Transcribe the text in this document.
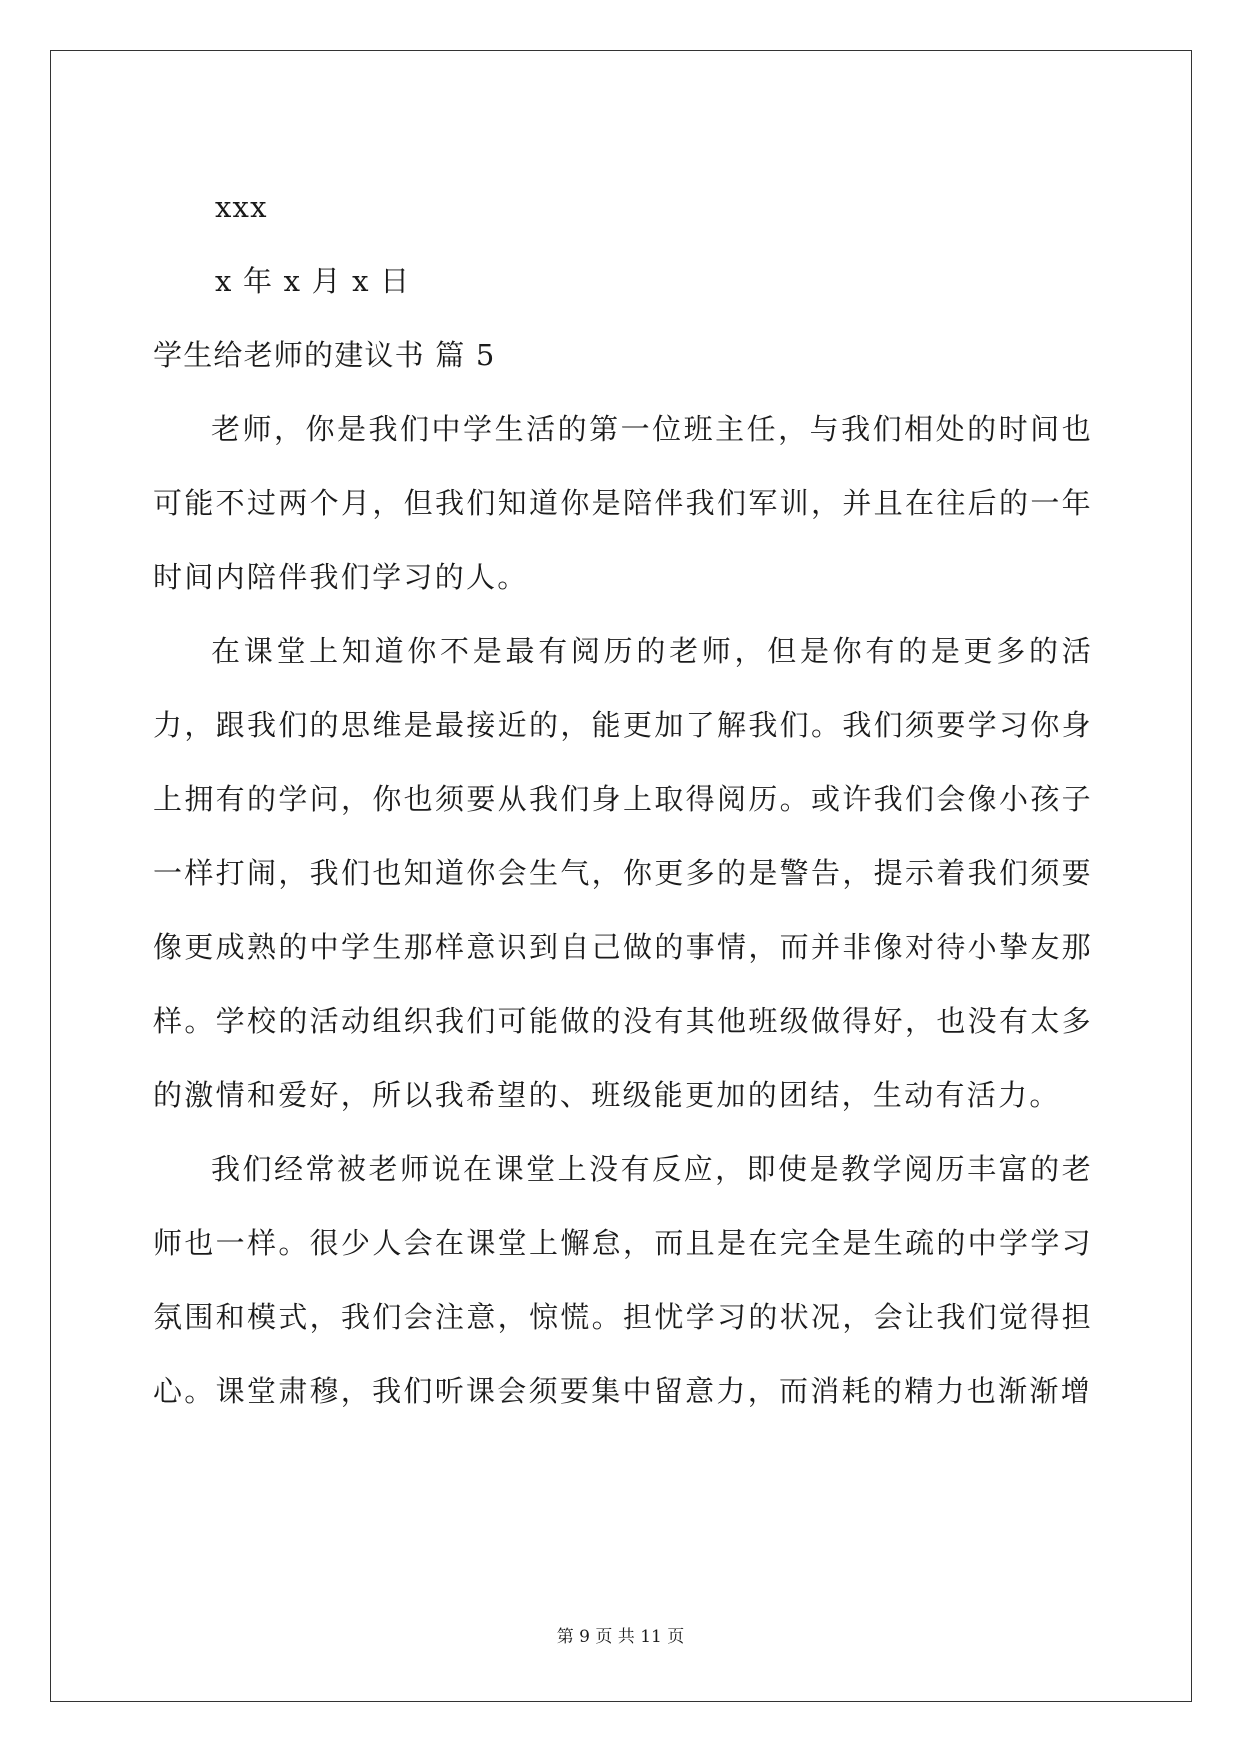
xxx
x 年 x 月 x 日
学生给老师的建议书 篇 5

老师，你是我们中学生活的第一位班主任，与我们相处的时间也可能不过两个月，但我们知道你是陪伴我们军训，并且在往后的一年时间内陪伴我们学习的人。

在课堂上知道你不是最有阅历的老师，但是你有的是更多的活力，跟我们的思维是最接近的，能更加了解我们。我们须要学习你身上拥有的学问，你也须要从我们身上取得阅历。或许我们会像小孩子一样打闹，我们也知道你会生气，你更多的是警告，提示着我们须要像更成熟的中学生那样意识到自己做的事情，而并非像对待小挚友那样。学校的活动组织我们可能做的没有其他班级做得好，也没有太多的激情和爱好，所以我希望的、班级能更加的团结，生动有活力。

我们经常被老师说在课堂上没有反应，即使是教学阅历丰富的老师也一样。很少人会在课堂上懈怠，而且是在完全是生疏的中学学习氛围和模式，我们会注意，惊慌。担忧学习的状况，会让我们觉得担心。课堂肃穆，我们听课会须要集中留意力，而消耗的精力也渐渐增

第 9 页 共 11 页
